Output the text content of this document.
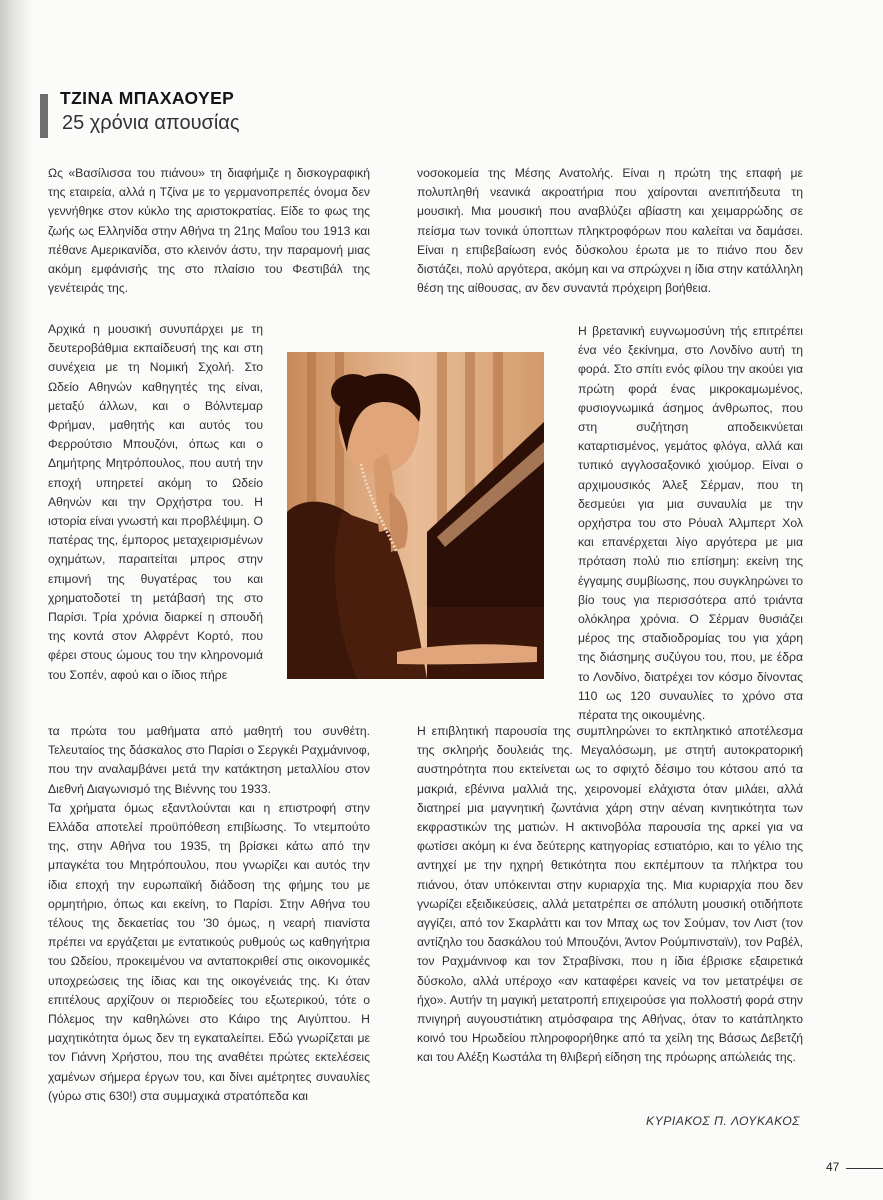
ΤΖΙΝΑ ΜΠΑΧΑΟΥΕΡ
25 χρόνια απουσίας

Ως «Βασίλισσα του πιάνου» τη διαφήμιζε η δισκογραφική της εταιρεία, αλλά η Τζίνα με το γερμανοπρεπές όνομα δεν γεννήθηκε στον κύκλο της αριστοκρατίας. Είδε το φως της ζωής ως Ελληνίδα στην Αθήνα τη 21ης Μαΐου του 1913 και πέθανε Αμερικανίδα, στο κλεινόν άστυ, την παραμονή μιας ακόμη εμφάνισής της στο πλαίσιο του Φεστιβάλ της γενέτειράς της.

Αρχικά η μουσική συνυπάρχει με τη δευτεροβάθμια εκπαίδευσή της και στη συνέχεια με τη Νομική Σχολή. Στο Ωδείο Αθηνών καθηγητές της είναι, μεταξύ άλλων, και ο Βόλντεμαρ Φρήμαν, μαθητής και αυτός του Φερρούτσιο Μπουζόνι, όπως και ο Δημήτρης Μητρόπουλος, που αυτή την εποχή υπηρετεί ακόμη το Ωδείο Αθηνών και την Ορχήστρα του. Η ιστορία είναι γνωστή και προβλέψιμη. Ο πατέρας της, έμπορος μεταχειρισμένων οχημάτων, παραιτείται μπρος στην επιμονή της θυγατέρας του και χρηματοδοτεί τη μετάβασή της στο Παρίσι. Τρία χρόνια διαρκεί η σπουδή της κοντά στον Αλφρέντ Κορτό, που φέρει στους ώμους του την κληρονομιά του Σοπέν, αφού και ο ίδιος πήρε

τα πρώτα του μαθήματα από μαθητή του συνθέτη. Τελευταίος της δάσκαλος στο Παρίσι ο Σεργκέι Ραχμάνινοφ, που την αναλαμβάνει μετά την κατάκτηση μεταλλίου στον Διεθνή Διαγωνισμό της Βιέννης του 1933.

Τα χρήματα όμως εξαντλούνται και η επιστροφή στην Ελλάδα αποτελεί προϋπόθεση επιβίωσης. Το ντεμπούτο της, στην Αθήνα του 1935, τη βρίσκει κάτω από την μπαγκέτα του Μητρόπουλου, που γνωρίζει και αυτός την ίδια εποχή την ευρωπαϊκή διάδοση της φήμης του με ορμητήριο, όπως και εκείνη, το Παρίσι. Στην Αθήνα του τέλους της δεκαετίας του '30 όμως, η νεαρή πιανίστα πρέπει να εργάζεται με εντατικούς ρυθμούς ως καθηγήτρια του Ωδείου, προκειμένου να ανταποκριθεί στις οικονομικές υποχρεώσεις της ίδιας και της οικογένειάς της. Κι όταν επιτέλους αρχίζουν οι περιοδείες του εξωτερικού, τότε ο Πόλεμος την καθηλώνει στο Κάιρο της Αιγύπτου. Η μαχητικότητα όμως δεν τη εγκαταλείπει. Εδώ γνωρίζεται με τον Γιάννη Χρήστου, που της αναθέτει πρώτες εκτελέσεις χαμένων σήμερα έργων του, και δίνει αμέτρητες συναυλίες (γύρω στις 630!) στα συμμαχικά στρατόπεδα και

νοσοκομεία της Μέσης Ανατολής. Είναι η πρώτη της επαφή με πολυπληθή νεανικά ακροατήρια που χαίρονται ανεπιτήδευτα τη μουσική. Μια μουσική που αναβλύζει αβίαστη και χειμαρρώδης σε πείσμα των τονικά ύποπτων πληκτροφόρων που καλείται να δαμάσει. Είναι η επιβεβαίωση ενός δύσκολου έρωτα με το πιάνο που δεν διστάζει, πολύ αργότερα, ακόμη και να σπρώχνει η ίδια στην κατάλληλη θέση της αίθουσας, αν δεν συναντά πρόχειρη βοήθεια.

Η βρετανική ευγνωμοσύνη τής επιτρέπει ένα νέο ξεκίνημα, στο Λονδίνο αυτή τη φορά. Στο σπίτι ενός φίλου την ακούει για πρώτη φορά ένας μικροκαμωμένος, φυσιογνωμικά άσημος άνθρωπος, που στη συζήτηση αποδεικνύεται καταρτισμένος, γεμάτος φλόγα, αλλά και τυπικό αγγλοσαξονικό χιούμορ. Είναι ο αρχιμουσικός Άλεξ Σέρμαν, που τη δεσμεύει για μια συναυλία με την ορχήστρα του στο Ρόυαλ Άλμπερτ Χολ και επανέρχεται λίγο αργότερα με μια πρόταση πολύ πιο επίσημη: εκείνη της έγγαμης συμβίωσης, που συγκληρώνει το βίο τους για περισσότερα από τριάντα ολόκληρα χρόνια. Ο Σέρμαν θυσιάζει μέρος της σταδιοδρομίας του για χάρη της διάσημης συζύγου του, που, με έδρα το Λονδίνο, διατρέχει τον κόσμο δίνοντας 110 ως 120 συναυλίες το χρόνο στα πέρατα της οικουμένης.

Η επιβλητική παρουσία της συμπληρώνει το εκπληκτικό αποτέλεσμα της σκληρής δουλειάς της. Μεγαλόσωμη, με στητή αυτοκρατορική αυστηρότητα που εκτείνεται ως το σφιχτό δέσιμο του κότσου από τα μακριά, εβένινα μαλλιά της, χειρονομεί ελάχιστα όταν μιλάει, αλλά διατηρεί μια μαγνητική ζωντάνια χάρη στην αέναη κινητικότητα των εκφραστικών της ματιών. Η ακτινοβόλα παρουσία της αρκεί για να φωτίσει ακόμη κι ένα δεύτερης κατηγορίας εστιατόριο, και το γέλιο της αντηχεί με την ηχηρή θετικότητα που εκπέμπουν τα πλήκτρα του πιάνου, όταν υπόκεινται στην κυριαρχία της. Μια κυριαρχία που δεν γνωρίζει εξειδικεύσεις, αλλά μετατρέπει σε απόλυτη μουσική οτιδήποτε αγγίζει, από τον Σκαρλάττι και τον Μπαχ ως τον Σούμαν, τον Λιστ (τον αντίζηλο του δασκάλου τού Μπουζόνι, Άντον Ρούμπινσταϊν), τον Ραβέλ, τον Ραχμάνινοφ και τον Στραβίνσκι, που η ίδια έβρισκε εξαιρετικά δύσκολο, αλλά υπέροχο «αν καταφέρει κανείς να τον μετατρέψει σε ήχο». Αυτήν τη μαγική μετατροπή επιχειρούσε για πολλοστή φορά στην πνιγηρή αυγουστιάτικη ατμόσφαιρα της Αθήνας, όταν το κατάπληκτο κοινό του Ηρωδείου πληροφορήθηκε από τα χείλη της Βάσως Δεβετζή και του Αλέξη Κωστάλα τη θλιβερή είδηση της πρόωρης απώλειάς της.

ΚΥΡΙΑΚΟΣ Π. ΛΟΥΚΑΚΟΣ
47
